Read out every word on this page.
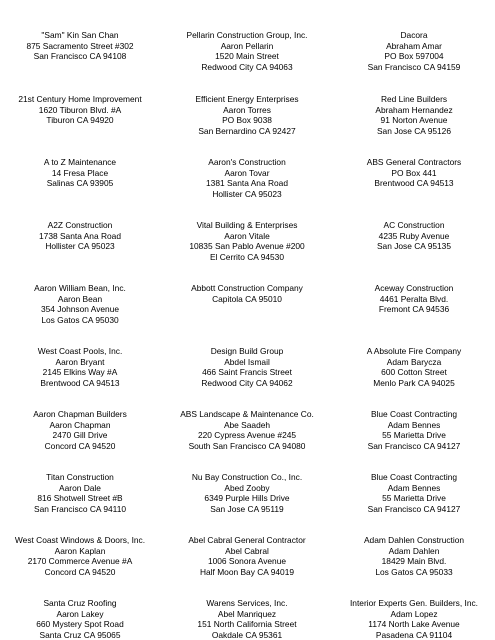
"Sam" Kin San Chan
875 Sacramento Street #302
San Francisco CA 94108
Pellarin Construction Group, Inc.
Aaron Pellarin
1520 Main Street
Redwood City CA 94063
Dacora
Abraham Amar
PO Box 597004
San Francisco CA 94159
21st Century Home Improvement
1620 Tiburon Blvd. #A
Tiburon CA 94920
Efficient Energy Enterprises
Aaron Torres
PO Box 9038
San Bernardino CA 92427
Red Line Builders
Abraham Hernandez
91 Norton Avenue
San Jose CA 95126
A to Z Maintenance
14 Fresa Place
Salinas CA 93905
Aaron's Construction
Aaron Tovar
1381 Santa Ana Road
Hollister CA 95023
ABS General Contractors
PO Box 441
Brentwood CA 94513
A2Z Construction
1738 Santa Ana Road
Hollister CA 95023
Vital Building & Enterprises
Aaron Vitale
10835 San Pablo Avenue #200
El Cerrito CA 94530
AC Construction
4235 Ruby Avenue
San Jose CA 95135
Aaron William Bean, Inc.
Aaron Bean
354 Johnson Avenue
Los Gatos CA 95030
Abbott Construction Company
Capitola CA 95010
Aceway Construction
4461 Peralta Blvd.
Fremont CA 94536
West Coast Pools, Inc.
Aaron Bryant
2145 Elkins Way #A
Brentwood CA 94513
Design Build Group
Abdel Ismail
466 Saint Francis Street
Redwood City CA 94062
A Absolute Fire Company
Adam Barycza
600 Cotton Street
Menlo Park CA 94025
Aaron Chapman Builders
Aaron Chapman
2470 Gill Drive
Concord CA 94520
ABS Landscape & Maintenance Co.
Abe Saadeh
220 Cypress Avenue #245
South San Francisco CA 94080
Blue Coast Contracting
Adam Bennes
55 Marietta Drive
San Francisco CA 94127
Titan Construction
Aaron Dale
816 Shotwell Street #B
San Francisco CA 94110
Nu Bay Construction Co., Inc.
Abed Zooby
6349 Purple Hills Drive
San Jose CA 95119
Blue Coast Contracting
Adam Bennes
55 Marietta Drive
San Francisco CA 94127
West Coast Windows & Doors, Inc.
Aaron Kaplan
2170 Commerce Avenue #A
Concord CA 94520
Abel Cabral General Contractor
Abel Cabral
1006 Sonora Avenue
Half Moon Bay CA 94019
Adam Dahlen Construction
Adam Dahlen
18429 Main Blvd.
Los Gatos CA 95033
Santa Cruz Roofing
Aaron Lakey
660 Mystery Spot Road
Santa Cruz CA 95065
Warens Services, Inc.
Abel Manriquez
151 North California Street
Oakdale CA 95361
Interior Experts Gen. Builders, Inc.
Adam Lopez
1174 North Lake Avenue
Pasadena CA 91104
